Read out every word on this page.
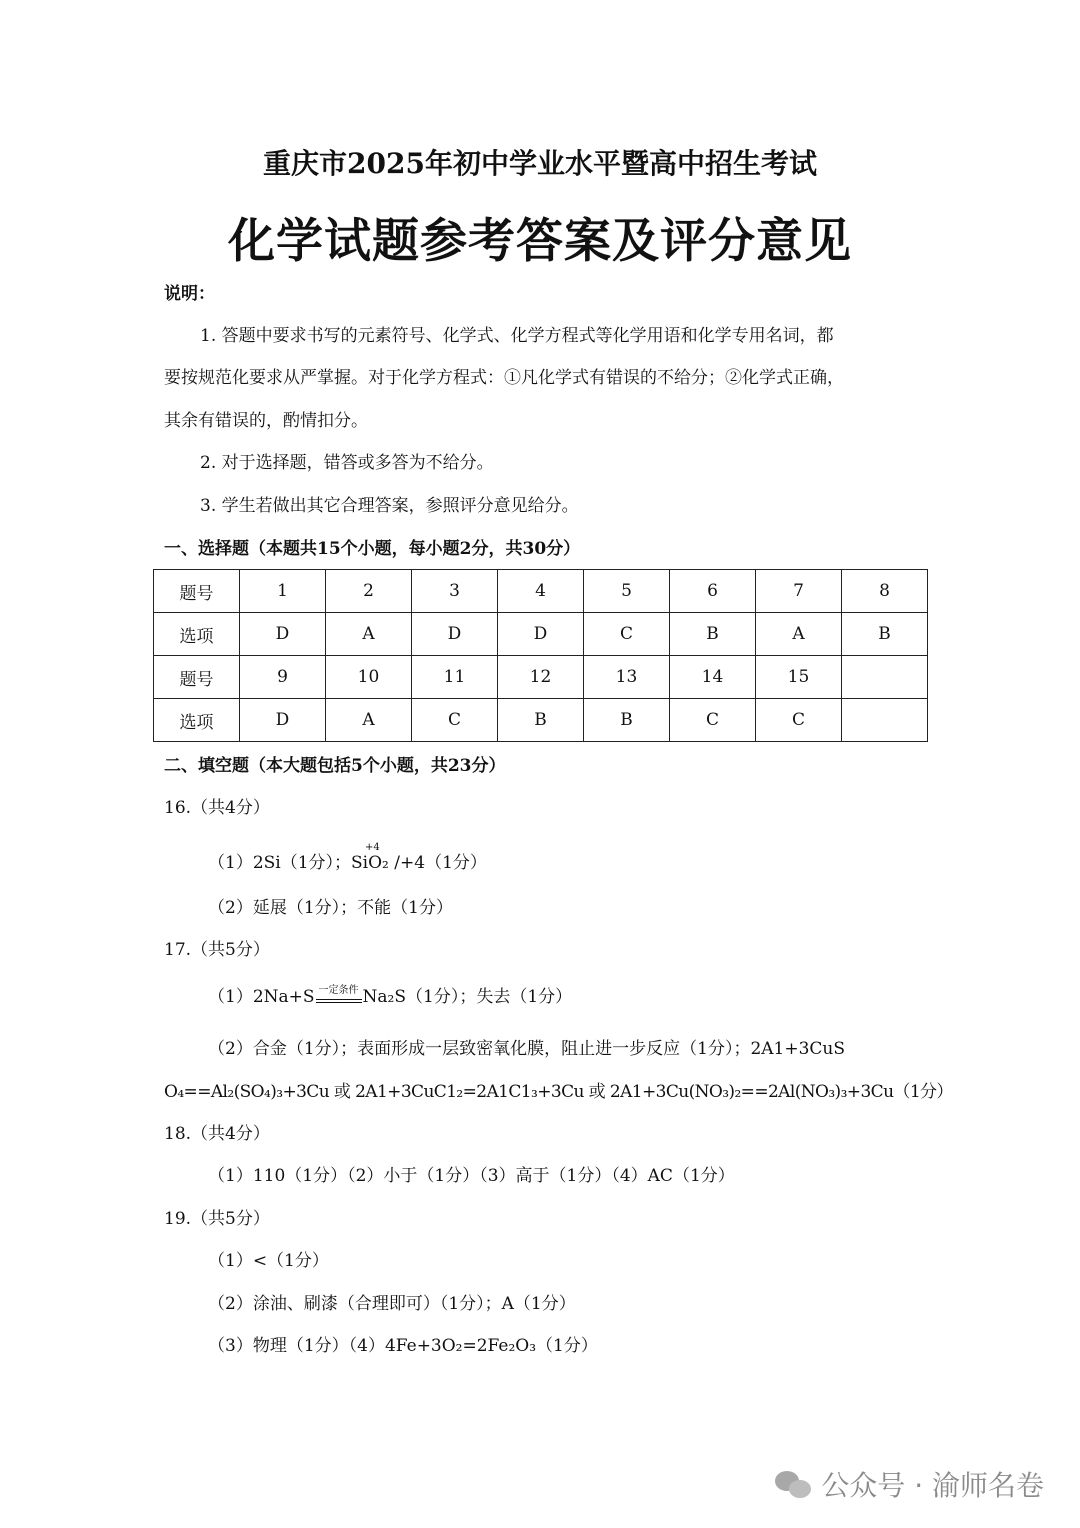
重庆市2025年初中学业水平暨高中招生考试
化学试题参考答案及评分意见
说明：
1. 答题中要求书写的元素符号、化学式、化学方程式等化学用语和化学专用名词，都
要按规范化要求从严掌握。对于化学方程式：①凡化学式有错误的不给分；②化学式正确，
其余有错误的，酌情扣分。
2. 对于选择题，错答或多答为不给分。
3. 学生若做出其它合理答案，参照评分意见给分。
一、选择题（本题共15个小题，每小题2分，共30分）
题号	1	2	3	4	5	6	7	8
选项	D	A	D	D	C	B	A	B
题号	9	10	11	12	13	14	15	
选项	D	A	C	B	B	C	C	
二、填空题（本大题包括5个小题，共23分）
16.（共4分）
（1）2Si（1分）；
+4
SiO₂ /+4（1分）
（2）延展（1分）；不能（1分）
17.（共5分）
（1）2Na+S 一定条件 Na₂S（1分）；失去（1分）
（2）合金（1分）；表面形成一层致密氧化膜，阻止进一步反应（1分）；2A1+3CuS
O₄==Al₂(SO₄)₃+3Cu 或 2A1+3CuC1₂=2A1C1₃+3Cu 或 2A1+3Cu(NO₃)₂==2Al(NO₃)₃+3Cu（1分）
18.（共4分）
（1）110（1分）（2）小于（1分）（3）高于（1分）（4）AC（1分）
19.（共5分）
（1）<（1分）
（2）涂油、刷漆（合理即可）（1分）；A（1分）
（3）物理（1分）（4）4Fe+3O₂=2Fe₂O₃（1分）
公众号 · 渝师名卷
